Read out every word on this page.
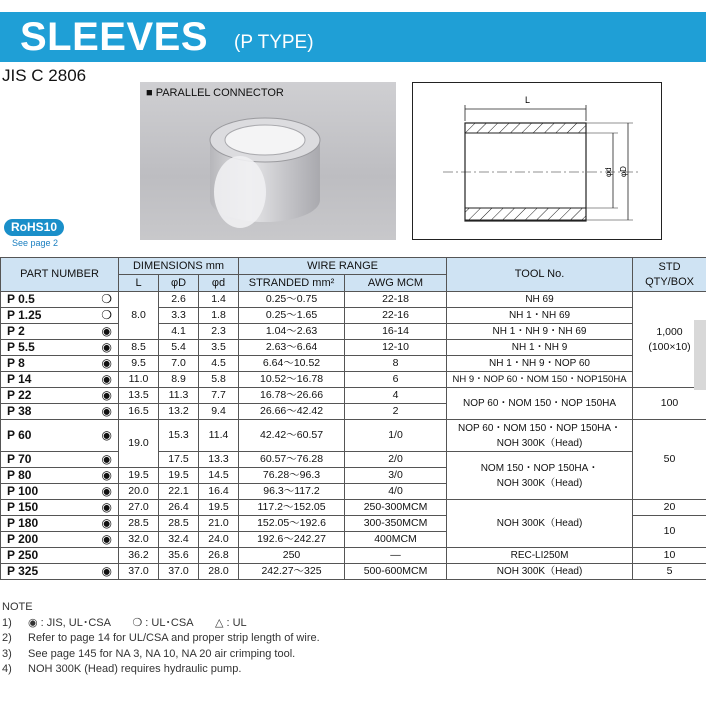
SLEEVES (P TYPE)
JIS C 2806
■ PARALLEL CONNECTOR
L
φd φD
RoHS10
See page 2
PART NUMBER		DIMENSIONS mm			WIRE RANGE		TOOL No.	STD
QTY/BOX
		L	φD	φd	STRANDED mm²	AWG MCM		
P 0.5	❍	8.0	2.6	1.4	0.25～0.75	22-18	NH 69	1,000
(100×10)
P 1.25	❍		3.3	1.8	0.25～1.65	22-16	NH 1・NH 69	
P 2	◉		4.1	2.3	1.04～2.63	16-14	NH 1・NH 9・NH 69	
P 5.5	◉	8.5	5.4	3.5	2.63～6.64	12-10	NH 1・NH 9	
P 8	◉	9.5	7.0	4.5	6.64～10.52	8	NH 1・NH 9・NOP 60	
P 14	◉	11.0	8.9	5.8	10.52～16.78	6	NH 9・NOP 60・NOM 150・NOP150HA	
P 22	◉	13.5	11.3	7.7	16.78～26.66	4	NOP 60・NOM 150・NOP 150HA	100
P 38	◉	16.5	13.2	9.4	26.66～42.42	2		
P 60	◉	19.0	15.3	11.4	42.42～60.57	1/0	NOP 60・NOM 150・NOP 150HA・
NOH 300K（Head)	50
P 70	◉		17.5	13.3	60.57～76.28	2/0	NOM 150・NOP 150HA・
NOH 300K（Head)	
P 80	◉	19.5	19.5	14.5	76.28～96.3	3/0		
P 100	◉	20.0	22.1	16.4	96.3～117.2	4/0		
P 150	◉	27.0	26.4	19.5	117.2～152.05	250-300MCM	NOH 300K（Head)	20
P 180	◉	28.5	28.5	21.0	152.05～192.6	300-350MCM		10
P 200	◉	32.0	32.4	24.0	192.6～242.27	400MCM		
P 250		36.2	35.6	26.8	250	—	REC-LI250M	10
P 325	◉	37.0	37.0	28.0	242.27～325	500-600MCM	NOH 300K（Head)	5
NOTE
1) ◉ : JIS, UL･CSA　　❍ : UL･CSA　　△ : UL
2) Refer to page 14 for UL/CSA and proper strip length of wire.
3) See page 145 for NA 3, NA 10, NA 20 air crimping tool.
4) NOH 300K (Head) requires hydraulic pump.
